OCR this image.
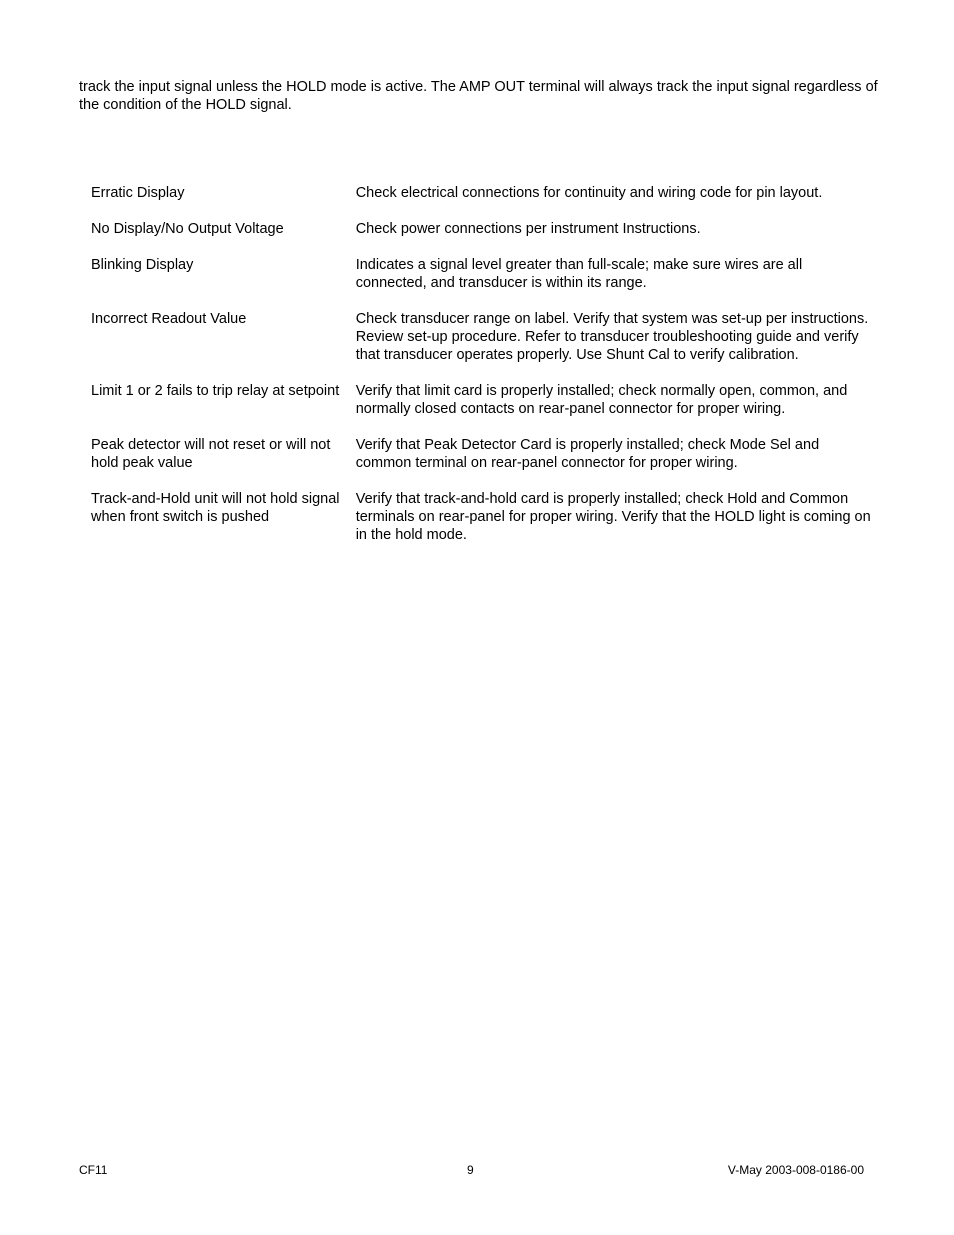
track the input signal unless the HOLD mode is active. The AMP OUT terminal will always track the input signal regardless of the condition of the HOLD signal.

Erratic Display	Check electrical connections for continuity and wiring code for pin layout.
No Display/No Output Voltage	Check power connections per instrument Instructions.
Blinking Display	Indicates a signal level greater than full-scale; make sure wires are all connected, and transducer is within its range.
Incorrect Readout Value	Check transducer range on label. Verify that system was set-up per instructions. Review set-up procedure. Refer to transducer troubleshooting guide and verify that transducer operates properly. Use Shunt Cal to verify calibration.
Limit 1 or 2 fails to trip relay at setpoint	Verify that limit card is properly installed; check normally open, common, and normally closed contacts on rear-panel connector for proper wiring.
Peak detector will not reset or will not hold peak value	Verify that Peak Detector Card is properly installed; check Mode Sel and common terminal on rear-panel connector for proper wiring.
Track-and-Hold unit will not hold signal when front switch is pushed	Verify that track-and-hold card is properly installed; check Hold and Common terminals on rear-panel for proper wiring. Verify that the HOLD light is coming on in the hold mode.
CF11	9	V-May 2003-008-0186-00
